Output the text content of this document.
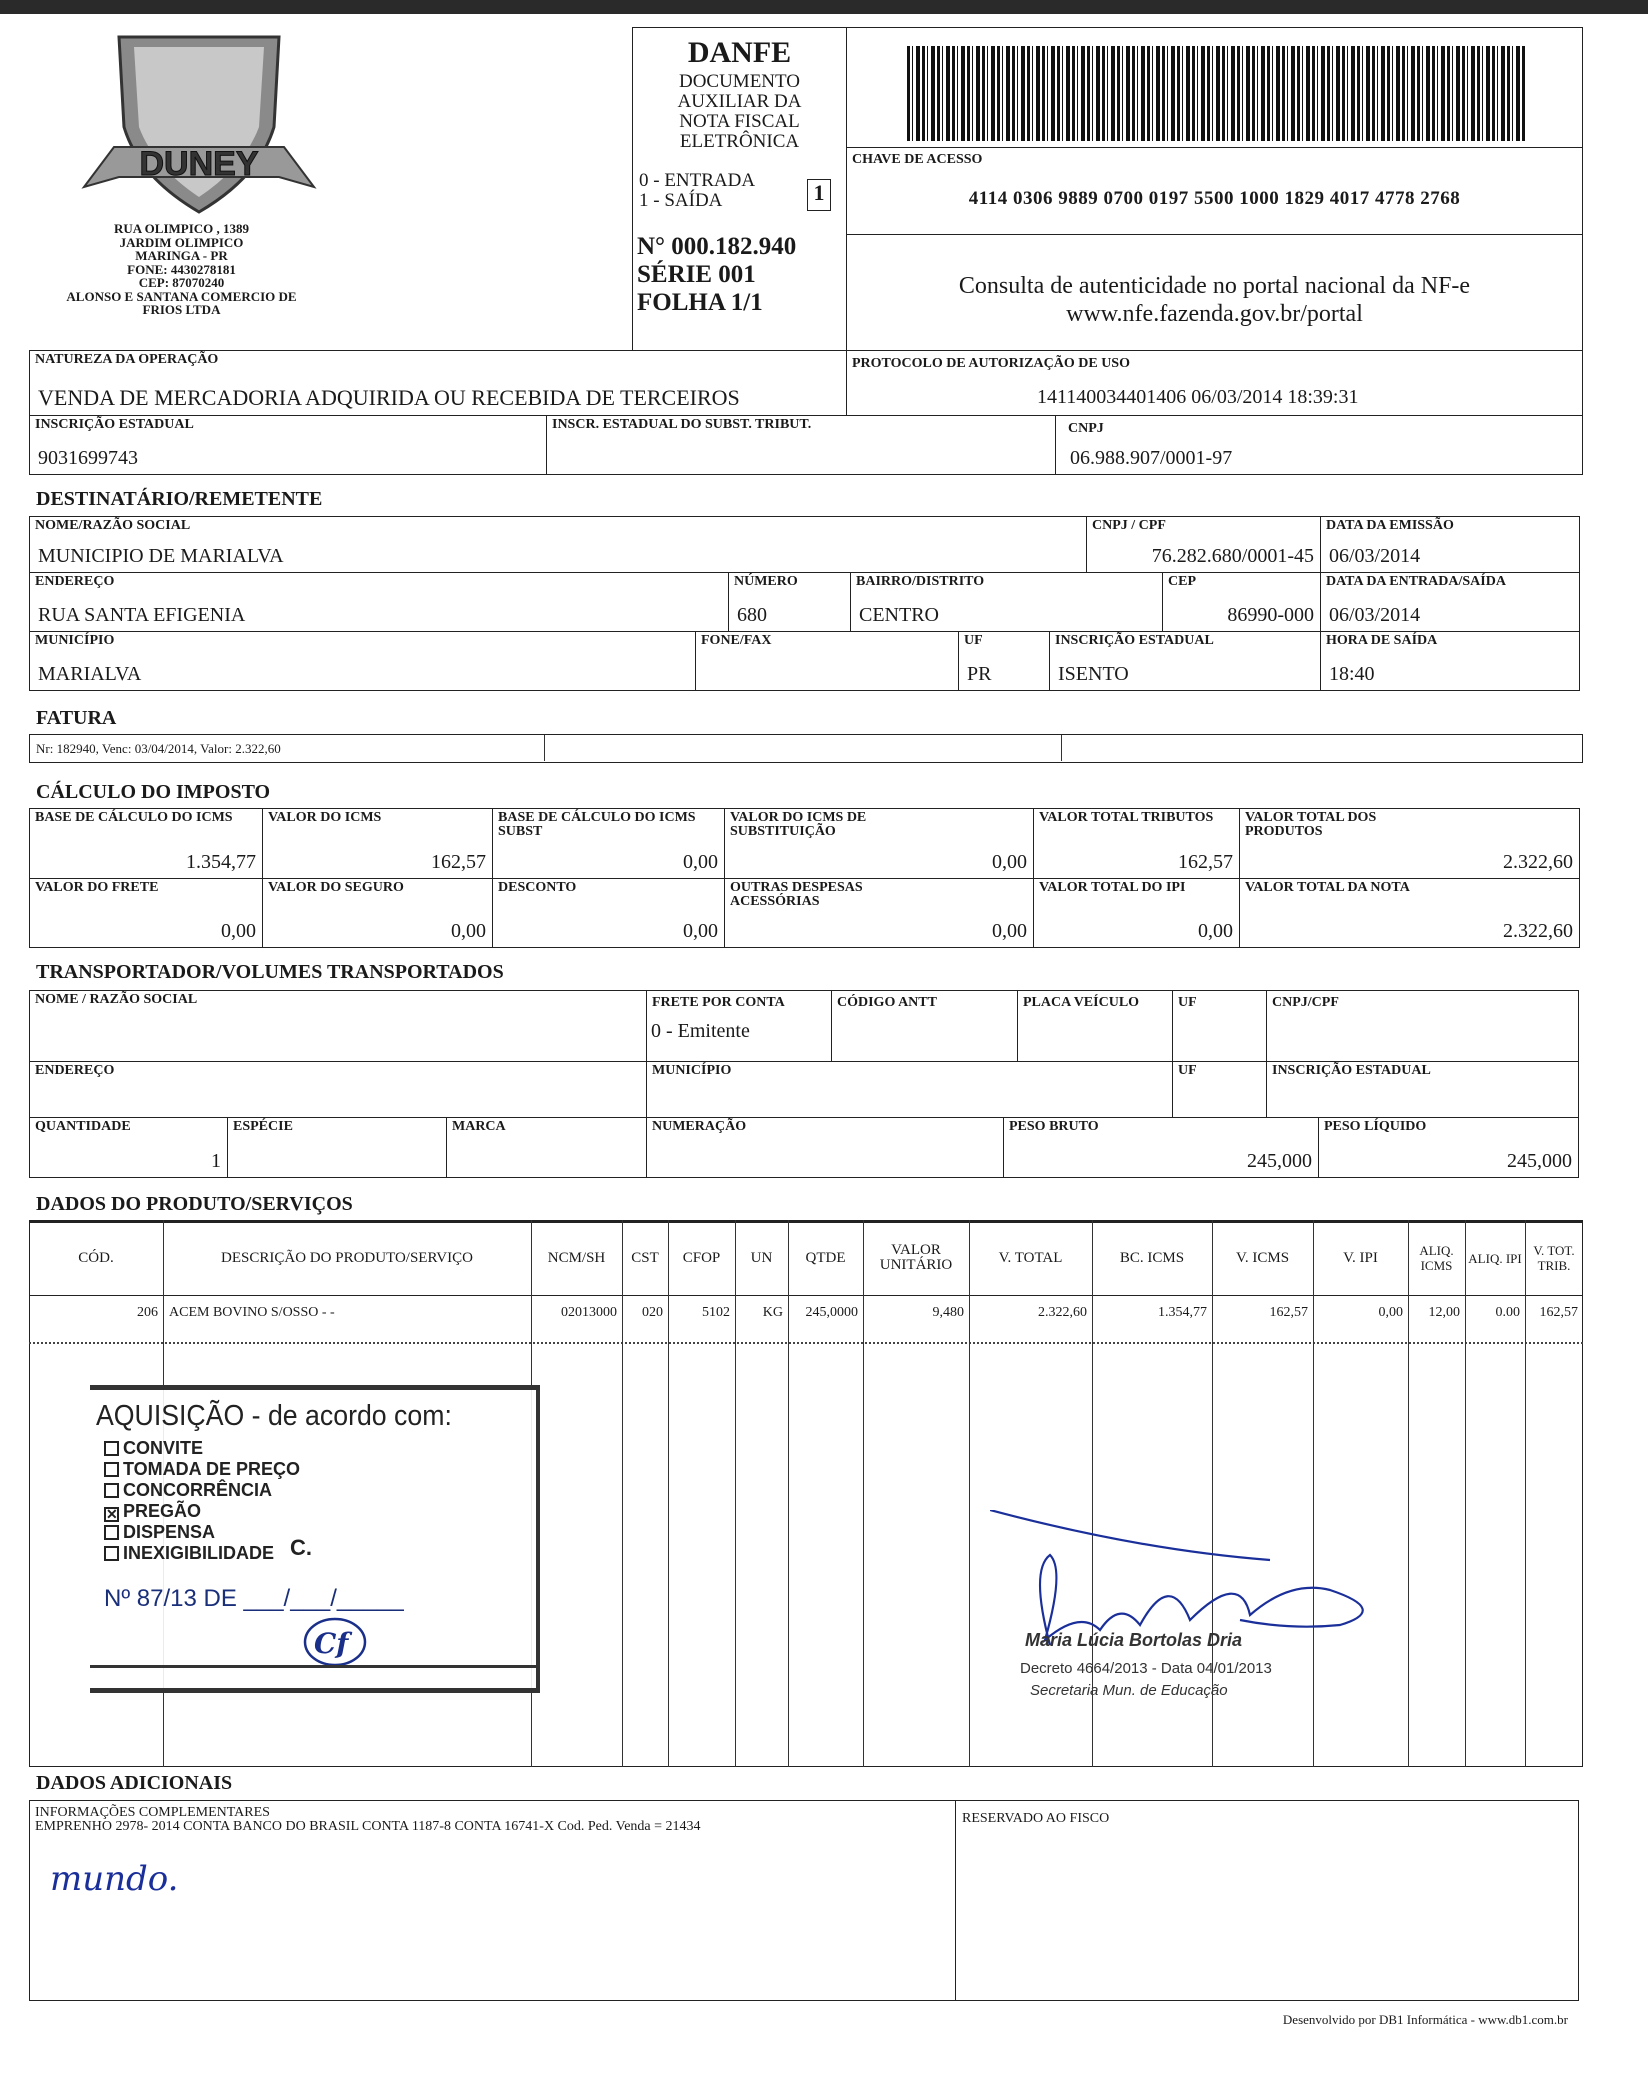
DUNEY
RUA OLIMPICO , 1389
JARDIM OLIMPICO
MARINGA - PR
FONE: 4430278181
CEP: 87070240
ALONSO E SANTANA COMERCIO DE
FRIOS LTDA
DANFE
DOCUMENTO
AUXILIAR DA
NOTA FISCAL
ELETRÔNICA
0 - ENTRADA
1 - SAÍDA	1
N° 000.182.940
SÉRIE 001
FOLHA 1/1
CHAVE DE ACESSO
4114 0306 9889 0700 0197 5500 1000 1829 4017 4778 2768
Consulta de autenticidade no portal nacional da NF-e
www.nfe.fazenda.gov.br/portal
NATUREZA DA OPERAÇÃO
VENDA DE MERCADORIA ADQUIRIDA OU RECEBIDA DE TERCEIROS
PROTOCOLO DE AUTORIZAÇÃO DE USO
141140034401406 06/03/2014 18:39:31
INSCRIÇÃO ESTADUAL
9031699743
INSCR. ESTADUAL DO SUBST. TRIBUT.	CNPJ
06.988.907/0001-97
DESTINATÁRIO/REMETENTE
NOME/RAZÃO SOCIAL
MUNICIPIO DE MARIALVA
CNPJ / CPF
76.282.680/0001-45
DATA DA EMISSÃO
06/03/2014
ENDEREÇO
RUA SANTA EFIGENIA
NÚMERO
680
BAIRRO/DISTRITO
CENTRO
CEP
86990-000
DATA DA ENTRADA/SAÍDA
06/03/2014
MUNICÍPIO
MARIALVA
FONE/FAX	UF
PR
INSCRIÇÃO ESTADUAL
ISENTO
HORA DE SAÍDA
18:40
FATURA
Nr: 182940, Venc: 03/04/2014, Valor: 2.322,60
CÁLCULO DO IMPOSTO
BASE DE CÁLCULO DO ICMS
1.354,77
VALOR DO ICMS
162,57
BASE DE CÁLCULO DO ICMS SUBST
0,00
VALOR DO ICMS DE SUBSTITUIÇÃO
0,00
VALOR TOTAL TRIBUTOS
162,57
VALOR TOTAL DOS PRODUTOS
2.322,60
VALOR DO FRETE
0,00
VALOR DO SEGURO
0,00
DESCONTO
0,00
OUTRAS DESPESAS ACESSÓRIAS
0,00
VALOR TOTAL DO IPI
0,00
VALOR TOTAL DA NOTA
2.322,60
TRANSPORTADOR/VOLUMES TRANSPORTADOS
NOME / RAZÃO SOCIAL	FRETE POR CONTA
0 - Emitente
CÓDIGO ANTT	PLACA VEÍCULO	UF	CNPJ/CPF
ENDEREÇO	MUNICÍPIO	UF	INSCRIÇÃO ESTADUAL
QUANTIDADE
1
ESPÉCIE	MARCA	NUMERAÇÃO	PESO BRUTO
245,000
PESO LÍQUIDO
245,000
DADOS DO PRODUTO/SERVIÇOS
CÓD.	DESCRIÇÃO DO PRODUTO/SERVIÇO	NCM/SH	CST	CFOP	UN	QTDE	VALOR UNITÁRIO	V. TOTAL	BC. ICMS	V. ICMS	V. IPI	ALIQ. ICMS	ALIQ. IPI V. TOT. TRIB.
206 ACEM BOVINO S/OSSO - -	02013000	020	5102	KG	245,0000	9,480	2.322,60	1.354,77	162,57	0,00	12,00	0.00	162,57
AQUISIÇÃO - de acordo com:
CONVITE
TOMADA DE PREÇO
CONCORRÊNCIA
✕ PREGÃO
DISPENSA
INEXIGIBILIDADE C.
Nº 87/13 DE ___/___/_____
Cf	Maria Lúcia Bortolas Dria
Decreto 4664/2013 - Data 04/01/2013
Secretaria Mun. de Educação
DADOS ADICIONAIS
INFORMAÇÕES COMPLEMENTARES
EMPRENHO 2978- 2014 CONTA BANCO DO BRASIL CONTA 1187-8 CONTA 16741-X Cod. Ped. Venda = 21434
mundo.
RESERVADO AO FISCO
Desenvolvido por DB1 Informática - www.db1.com.br
